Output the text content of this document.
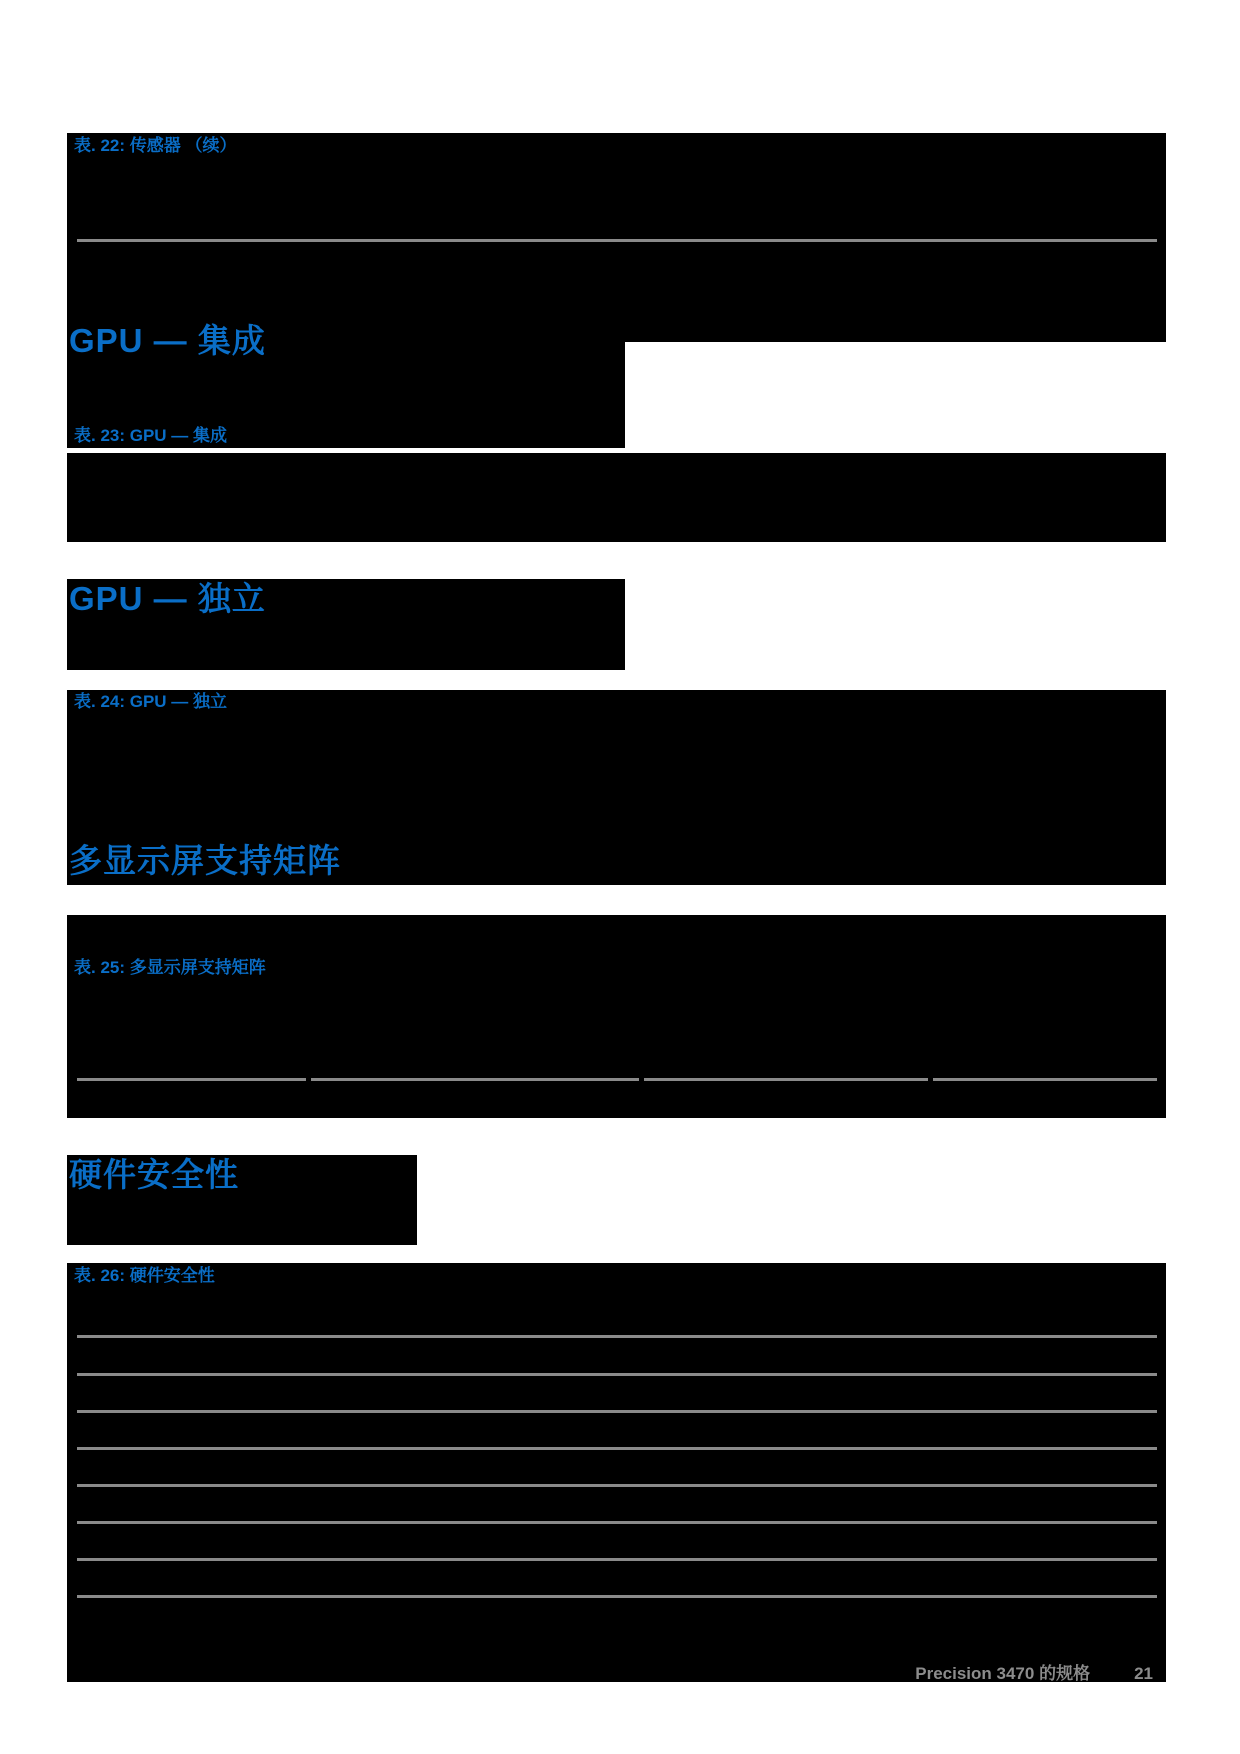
表. 22: 传感器 （续）
GPU — 集成
表. 23: GPU — 集成
GPU — 独立
表. 24: GPU — 独立
多显示屏支持矩阵
表. 25: 多显示屏支持矩阵
硬件安全性
表. 26: 硬件安全性
Precision 3470 的规格	21
